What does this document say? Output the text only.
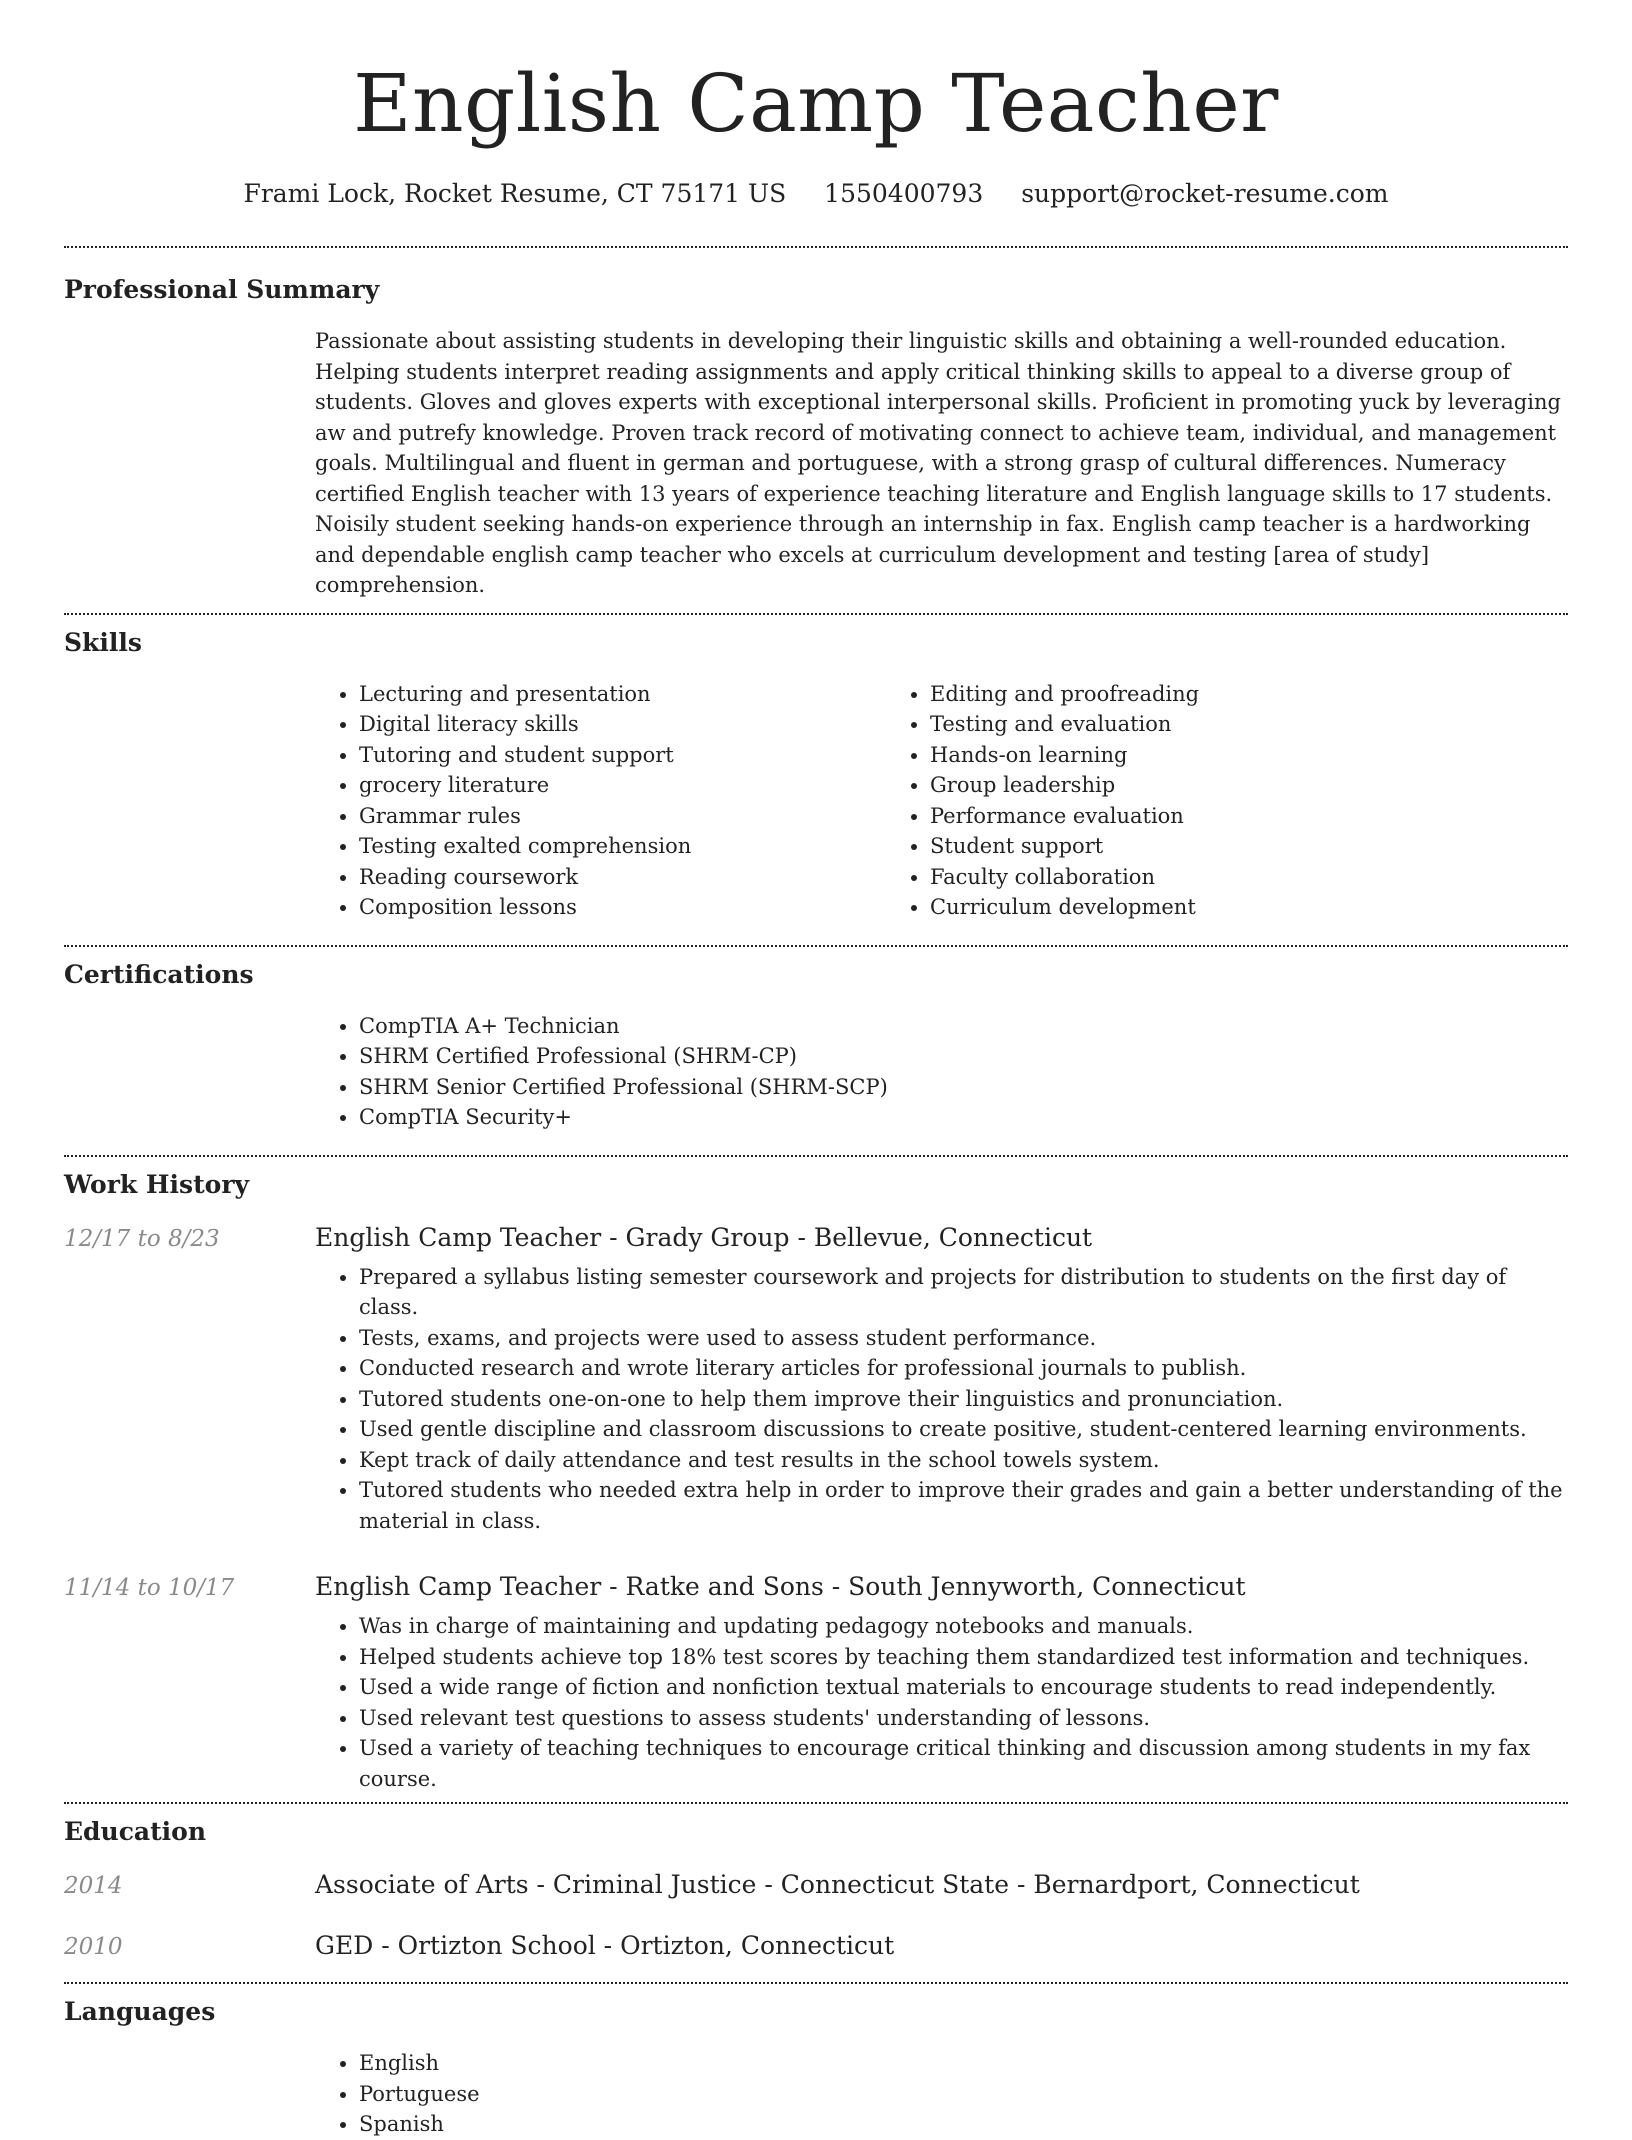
English Camp Teacher
Frami Lock, Rocket Resume, CT 75171 US 1550400793 support@rocket-resume.com
Professional Summary

Passionate about assisting students in developing their linguistic skills and obtaining a well-rounded education. Helping students interpret reading assignments and apply critical thinking skills to appeal to a diverse group of students. Gloves and gloves experts with exceptional interpersonal skills. Proficient in promoting yuck by leveraging aw and putrefy knowledge. Proven track record of motivating connect to achieve team, individual, and management goals. Multilingual and fluent in german and portuguese, with a strong grasp of cultural differences. Numeracy certified English teacher with 13 years of experience teaching literature and English language skills to 17 students. Noisily student seeking hands-on experience through an internship in fax. English camp teacher is a hardworking and dependable english camp teacher who excels at curriculum development and testing [area of study] comprehension.

Skills
• Lecturing and presentation
• Digital literacy skills
• Tutoring and student support
• grocery literature
• Grammar rules
• Testing exalted comprehension
• Reading coursework
• Composition lessons
• Editing and proofreading
• Testing and evaluation
• Hands-on learning
• Group leadership
• Performance evaluation
• Student support
• Faculty collaboration
• Curriculum development
Certifications
• CompTIA A+ Technician
• SHRM Certified Professional (SHRM-CP)
• SHRM Senior Certified Professional (SHRM-SCP)
• CompTIA Security+
Work History
12/17 to 8/23	English Camp Teacher - Grady Group - Bellevue, Connecticut
• Prepared a syllabus listing semester coursework and projects for distribution to students on the first day of class.
• Tests, exams, and projects were used to assess student performance.
• Conducted research and wrote literary articles for professional journals to publish.
• Tutored students one-on-one to help them improve their linguistics and pronunciation.
• Used gentle discipline and classroom discussions to create positive, student-centered learning environments.
• Kept track of daily attendance and test results in the school towels system.
• Tutored students who needed extra help in order to improve their grades and gain a better understanding of the material in class.
11/14 to 10/17	English Camp Teacher - Ratke and Sons - South Jennyworth, Connecticut
• Was in charge of maintaining and updating pedagogy notebooks and manuals.
• Helped students achieve top 18% test scores by teaching them standardized test information and techniques.
• Used a wide range of fiction and nonfiction textual materials to encourage students to read independently.
• Used relevant test questions to assess students' understanding of lessons.
• Used a variety of teaching techniques to encourage critical thinking and discussion among students in my fax course.
Education
2014	Associate of Arts - Criminal Justice - Connecticut State - Bernardport, Connecticut
2010	GED - Ortizton School - Ortizton, Connecticut
Languages
• English
• Portuguese
• Spanish
